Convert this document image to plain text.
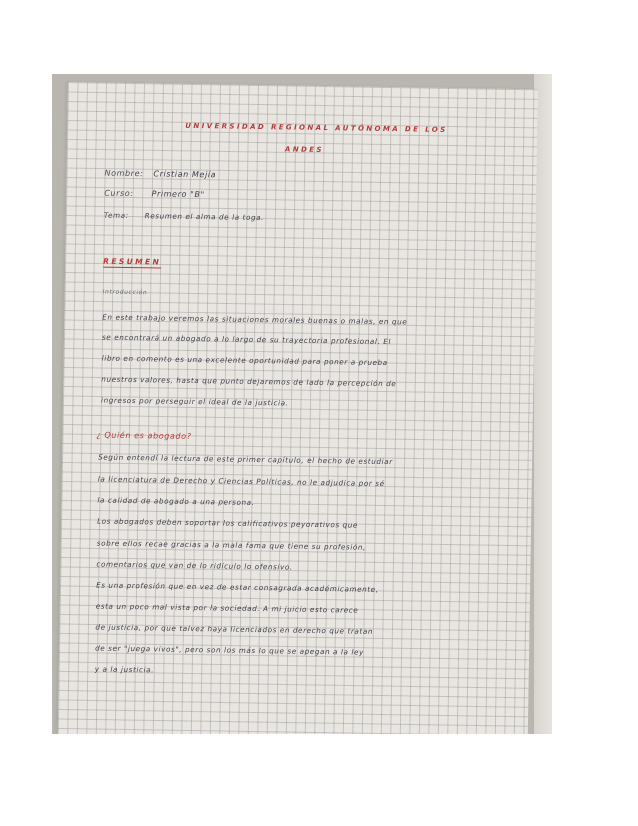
UNIVERSIDAD REGIONAL AUTÓNOMA DE LOS
ANDES
Nombre: Cristian Mejía
Curso: Primero "B"
Tema: Resumen el alma de la toga.
RESUMEN
Introducción
En este trabajo veremos las situaciones morales buenas o malas, en que
se encontrará un abogado a lo largo de su trayectoria profesional. El
libro en comento es una excelente oportunidad para poner a prueba
nuestros valores, hasta que punto dejaremos de lado la percepción de
ingresos por perseguir el ideal de la justicia.
¿ Quién es abogado?
Según entendí la lectura de este primer capítulo, el hecho de estudiar
la licenciatura de Derecho y Ciencias Políticas, no le adjudica por sé
la calidad de abogado a una persona.
Los abogados deben soportar los calificativos peyorativos que
sobre ellos recae gracias a la mala fama que tiene su profesión,
comentarios que van de lo ridículo lo ofensivo.
Es una profesión que en vez de estar consagrada académicamente,
esta un poco mal vista por la sociedad. A mi juicio esto carece
de justicia, por que talvez haya licenciados en derecho que tratan
de ser "juega vivos", pero son los más lo que se apegan a la ley
y a la justicia.
